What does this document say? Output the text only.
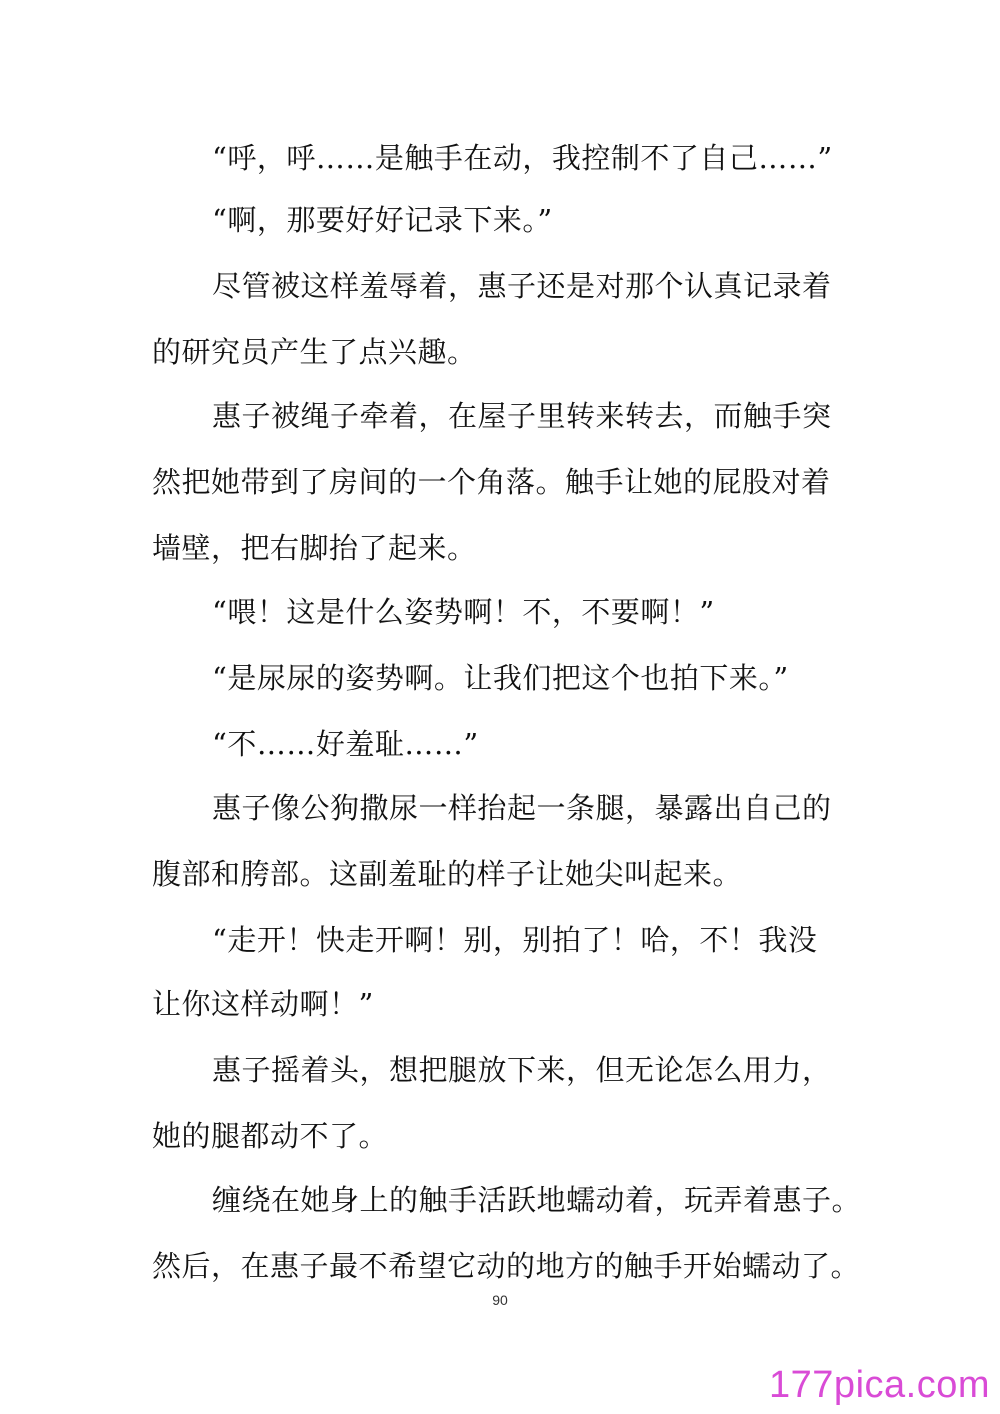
“呼，呼……是触手在动，我控制不了自己……”
“啊，那要好好记录下来。”
尽管被这样羞辱着，惠子还是对那个认真记录着
的研究员产生了点兴趣。
惠子被绳子牵着，在屋子里转来转去，而触手突
然把她带到了房间的一个角落。触手让她的屁股对着
墙壁，把右脚抬了起来。
“喂！这是什么姿势啊！不，不要啊！”
“是尿尿的姿势啊。让我们把这个也拍下来。”
“不……好羞耻……”
惠子像公狗撒尿一样抬起一条腿，暴露出自己的
腹部和胯部。这副羞耻的样子让她尖叫起来。
“走开！快走开啊！别，别拍了！哈，不！我没
让你这样动啊！”
惠子摇着头，想把腿放下来，但无论怎么用力，
她的腿都动不了。
缠绕在她身上的触手活跃地蠕动着，玩弄着惠子。
然后，在惠子最不希望它动的地方的触手开始蠕动了。
90
177pica.com
